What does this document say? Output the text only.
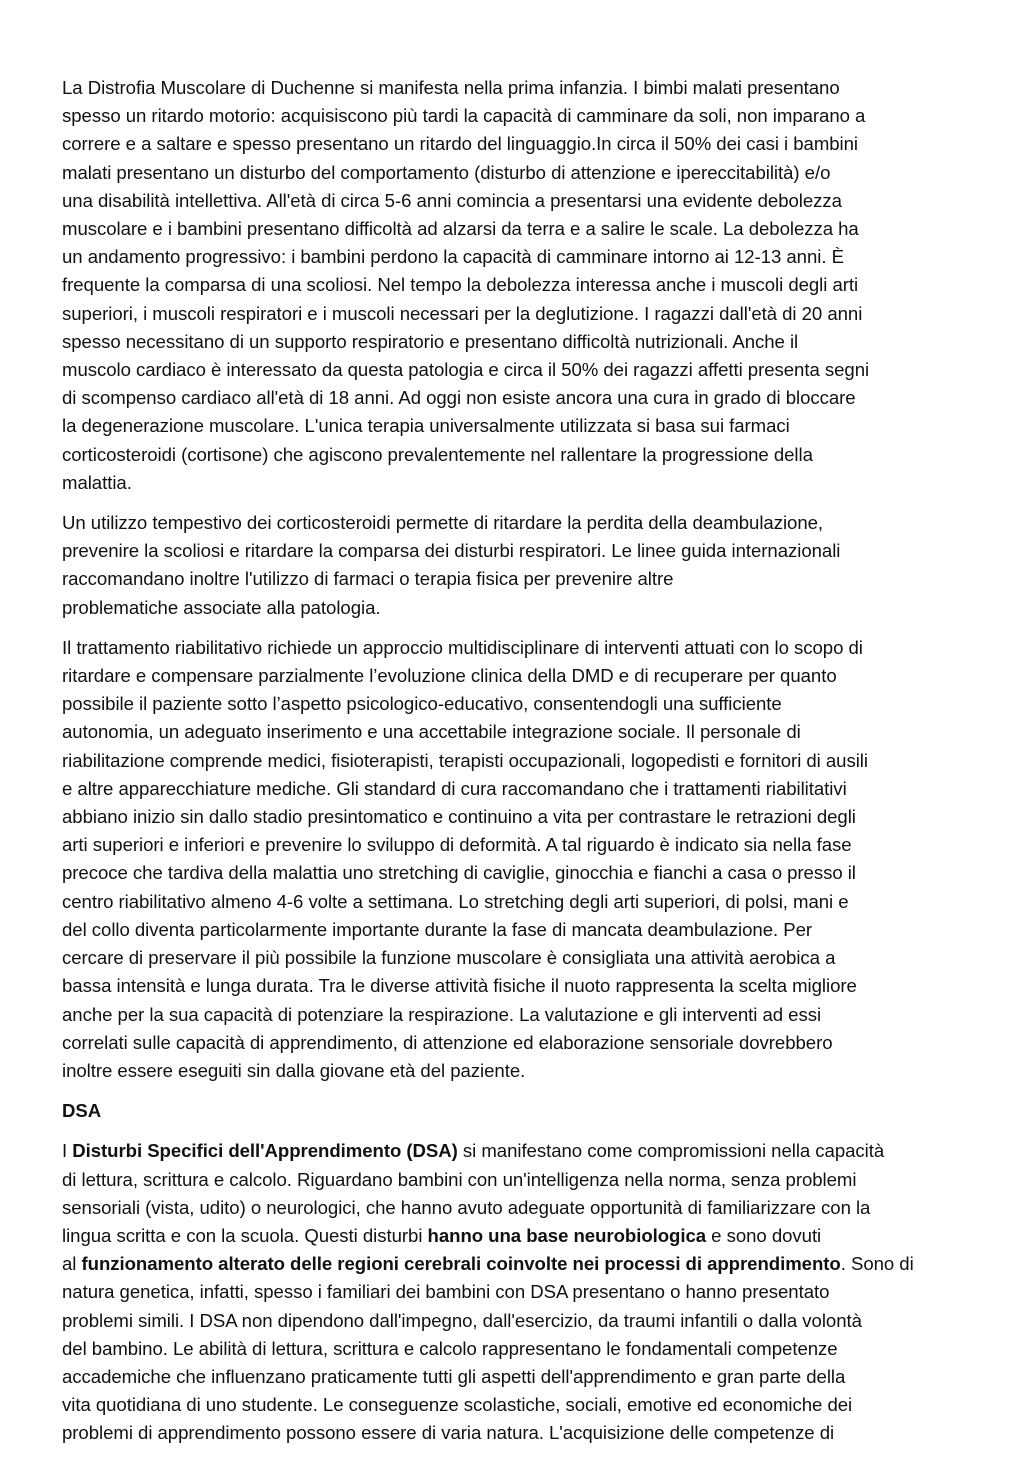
La Distrofia Muscolare di Duchenne si manifesta nella prima infanzia. I bimbi malati presentano
spesso un ritardo motorio: acquisiscono più tardi la capacità di camminare da soli, non imparano a
correre e a saltare e spesso presentano un ritardo del linguaggio.In circa il 50% dei casi i bambini
malati presentano un disturbo del comportamento (disturbo di attenzione e ipereccitabilità) e/o
una disabilità intellettiva. All'età di circa 5-6 anni comincia a presentarsi una evidente debolezza
muscolare e i bambini presentano difficoltà ad alzarsi da terra e a salire le scale. La debolezza ha
un andamento progressivo: i bambini perdono la capacità di camminare intorno ai 12-13 anni. È
frequente la comparsa di una scoliosi. Nel tempo la debolezza interessa anche i muscoli degli arti
superiori, i muscoli respiratori e i muscoli necessari per la deglutizione. I ragazzi dall'età di 20 anni
spesso necessitano di un supporto respiratorio e presentano difficoltà nutrizionali. Anche il
muscolo cardiaco è interessato da questa patologia e circa il 50% dei ragazzi affetti presenta segni
di scompenso cardiaco all'età di 18 anni. Ad oggi non esiste ancora una cura in grado di bloccare
la degenerazione muscolare. L'unica terapia universalmente utilizzata si basa sui farmaci
corticosteroidi (cortisone) che agiscono prevalentemente nel rallentare la progressione della
malattia.

Un utilizzo tempestivo dei corticosteroidi permette di ritardare la perdita della deambulazione,
prevenire la scoliosi e ritardare la comparsa dei disturbi respiratori. Le linee guida internazionali
raccomandano inoltre l'utilizzo di farmaci o terapia fisica per prevenire altre
problematiche associate alla patologia.

Il trattamento riabilitativo richiede un approccio multidisciplinare di interventi attuati con lo scopo di
ritardare e compensare parzialmente l’evoluzione clinica della DMD e di recuperare per quanto
possibile il paziente sotto l’aspetto psicologico-educativo, consentendogli una sufficiente
autonomia, un adeguato inserimento e una accettabile integrazione sociale. Il personale di
riabilitazione comprende medici, fisioterapisti, terapisti occupazionali, logopedisti e fornitori di ausili
e altre apparecchiature mediche. Gli standard di cura raccomandano che i trattamenti riabilitativi
abbiano inizio sin dallo stadio presintomatico e continuino a vita per contrastare le retrazioni degli
arti superiori e inferiori e prevenire lo sviluppo di deformità. A tal riguardo è indicato sia nella fase
precoce che tardiva della malattia uno stretching di caviglie, ginocchia e fianchi a casa o presso il
centro riabilitativo almeno 4-6 volte a settimana. Lo stretching degli arti superiori, di polsi, mani e
del collo diventa particolarmente importante durante la fase di mancata deambulazione. Per
cercare di preservare il più possibile la funzione muscolare è consigliata una attività aerobica a
bassa intensità e lunga durata. Tra le diverse attività fisiche il nuoto rappresenta la scelta migliore
anche per la sua capacità di potenziare la respirazione. La valutazione e gli interventi ad essi
correlati sulle capacità di apprendimento, di attenzione ed elaborazione sensoriale dovrebbero
inoltre essere eseguiti sin dalla giovane età del paziente.

DSA

I Disturbi Specifici dell'Apprendimento (DSA) si manifestano come compromissioni nella capacità
di lettura, scrittura e calcolo. Riguardano bambini con un'intelligenza nella norma, senza problemi
sensoriali (vista, udito) o neurologici, che hanno avuto adeguate opportunità di familiarizzare con la
lingua scritta e con la scuola. Questi disturbi hanno una base neurobiologica e sono dovuti
al funzionamento alterato delle regioni cerebrali coinvolte nei processi di apprendimento. Sono di
natura genetica, infatti, spesso i familiari dei bambini con DSA presentano o hanno presentato
problemi simili. I DSA non dipendono dall'impegno, dall'esercizio, da traumi infantili o dalla volontà
del bambino. Le abilità di lettura, scrittura e calcolo rappresentano le fondamentali competenze
accademiche che influenzano praticamente tutti gli aspetti dell'apprendimento e gran parte della
vita quotidiana di uno studente. Le conseguenze scolastiche, sociali, emotive ed economiche dei
problemi di apprendimento possono essere di varia natura. L'acquisizione delle competenze di
